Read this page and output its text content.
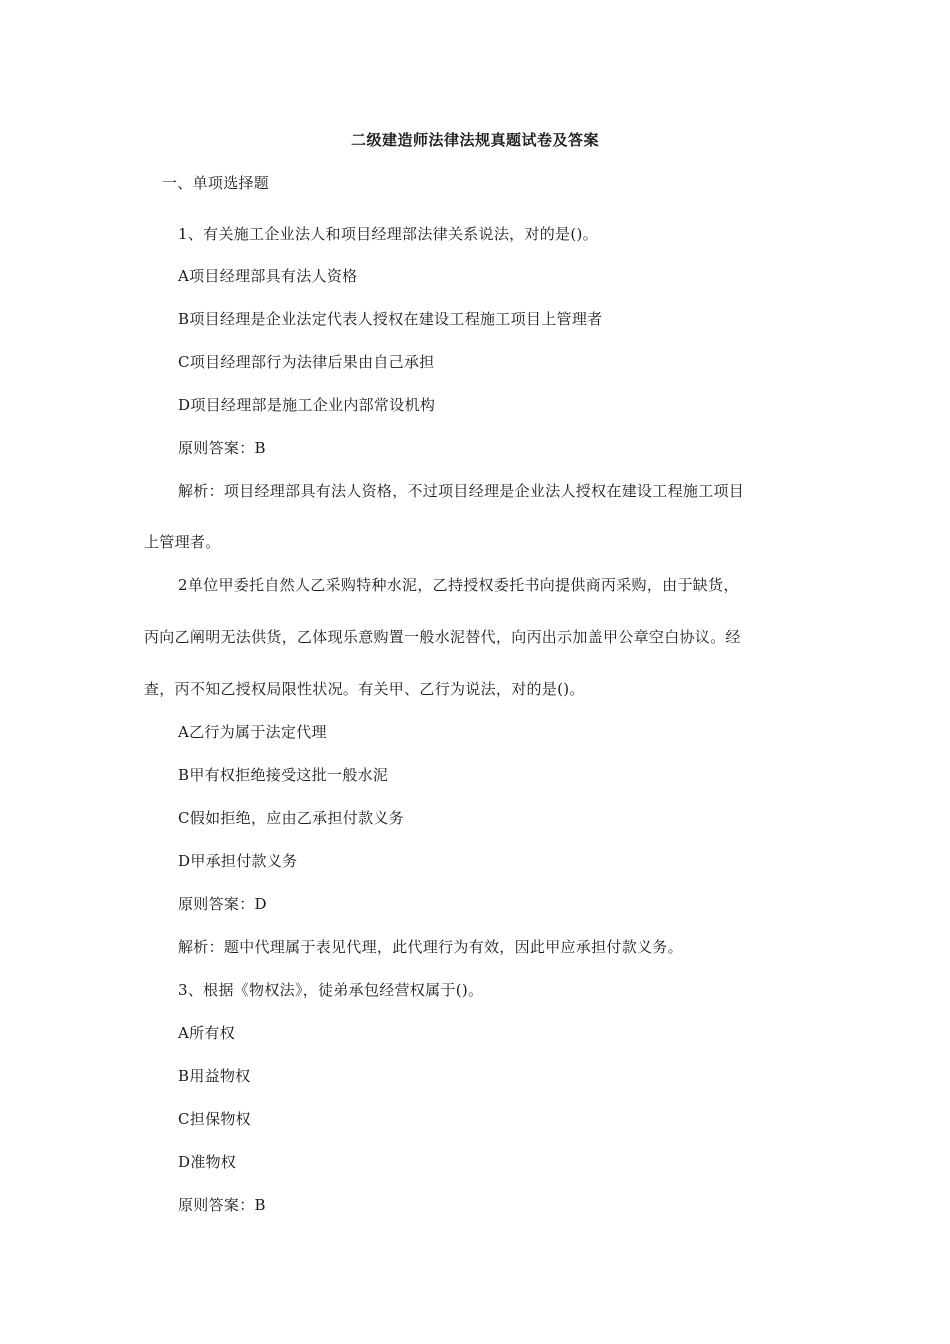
二级建造师法律法规真题试卷及答案
一、单项选择题
1、有关施工企业法人和项目经理部法律关系说法，对的是()。
A项目经理部具有法人资格
B项目经理是企业法定代表人授权在建设工程施工项目上管理者
C项目经理部行为法律后果由自己承担
D项目经理部是施工企业内部常设机构
原则答案：B
解析：项目经理部具有法人资格，不过项目经理是企业法人授权在建设工程施工项目
上管理者。
2单位甲委托自然人乙采购特种水泥，乙持授权委托书向提供商丙采购，由于缺货，
丙向乙阐明无法供货，乙体现乐意购置一般水泥替代，向丙出示加盖甲公章空白协议。经
查，丙不知乙授权局限性状况。有关甲、乙行为说法，对的是()。
A乙行为属于法定代理
B甲有权拒绝接受这批一般水泥
C假如拒绝，应由乙承担付款义务
D甲承担付款义务
原则答案：D
解析：题中代理属于表见代理，此代理行为有效，因此甲应承担付款义务。
3、根据《物权法》，徒弟承包经营权属于()。
A所有权
B用益物权
C担保物权
D准物权
原则答案：B
